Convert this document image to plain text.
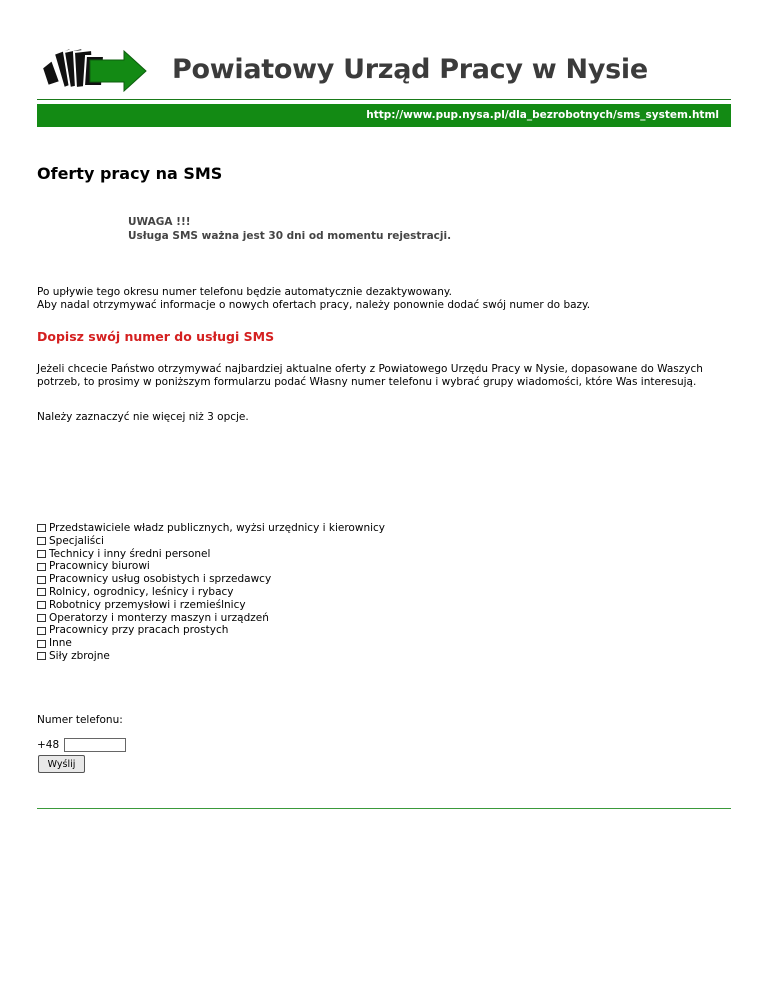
Powiatowy Urząd Pracy w Nysie
http://www.pup.nysa.pl/dla_bezrobotnych/sms_system.html
Oferty pracy na SMS
UWAGA !!!
Usługa SMS ważna jest 30 dni od momentu rejestracji.
Po upływie tego okresu numer telefonu będzie automatycznie dezaktywowany.
Aby nadal otrzymywać informacje o nowych ofertach pracy, należy ponownie dodać swój numer do bazy.
Dopisz swój numer do usługi SMS

Jeżeli chcecie Państwo otrzymywać najbardziej aktualne oferty z Powiatowego Urzędu Pracy w Nysie, dopasowane do Waszych potrzeb, to prosimy w poniższym formularzu podać Własny numer telefonu i wybrać grupy wiadomości, które Was interesują.

Należy zaznaczyć nie więcej niż 3 opcje.

Przedstawiciele władz publicznych, wyżsi urzędnicy i kierownicy
Specjaliści
Technicy i inny średni personel
Pracownicy biurowi
Pracownicy usług osobistych i sprzedawcy
Rolnicy, ogrodnicy, leśnicy i rybacy
Robotnicy przemysłowi i rzemieślnicy
Operatorzy i monterzy maszyn i urządzeń
Pracownicy przy pracach prostych
Inne
Siły zbrojne
Numer telefonu:
+48
Wyślij
